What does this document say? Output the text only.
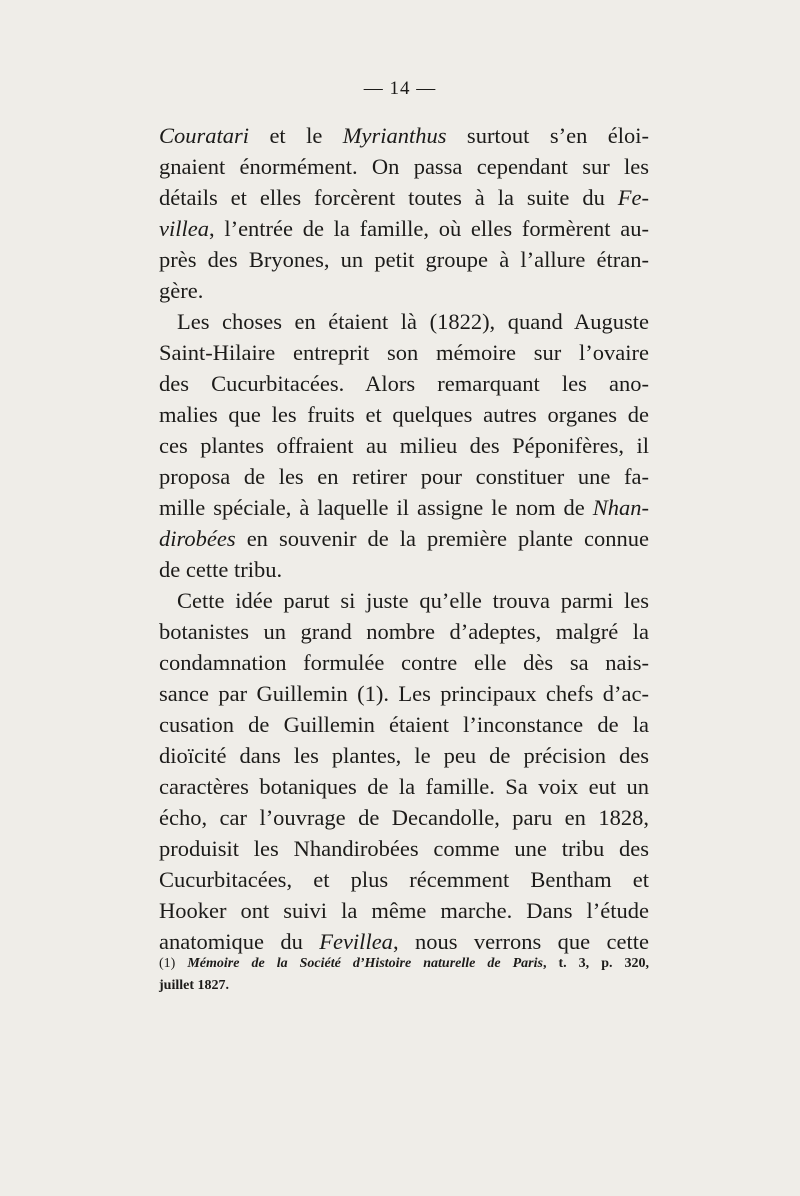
— 14 —
Couratari et le Myrianthus surtout s’en éloi-
gnaient énormément. On passa cependant sur les
détails et elles forcèrent toutes à la suite du Fe-
villea, l’entrée de la famille, où elles formèrent au-
près des Bryones, un petit groupe à l’allure étran-
gère.
Les choses en étaient là (1822), quand Auguste
Saint-Hilaire entreprit son mémoire sur l’ovaire
des Cucurbitacées. Alors remarquant les ano-
malies que les fruits et quelques autres organes de
ces plantes offraient au milieu des Péponifères, il
proposa de les en retirer pour constituer une fa-
mille spéciale, à laquelle il assigne le nom de Nhan-
dirobées en souvenir de la première plante connue
de cette tribu.
Cette idée parut si juste qu’elle trouva parmi les
botanistes un grand nombre d’adeptes, malgré la
condamnation formulée contre elle dès sa nais-
sance par Guillemin (1). Les principaux chefs d’ac-
cusation de Guillemin étaient l’inconstance de la
dioïcité dans les plantes, le peu de précision des
caractères botaniques de la famille. Sa voix eut un
écho, car l’ouvrage de Decandolle, paru en 1828,
produisit les Nhandirobées comme une tribu des
Cucurbitacées, et plus récemment Bentham et
Hooker ont suivi la même marche. Dans l’étude
anatomique du Fevillea, nous verrons que cette
(1) Mémoire de la Société d’Histoire naturelle de Paris, t. 3, p. 320,
juillet 1827.
